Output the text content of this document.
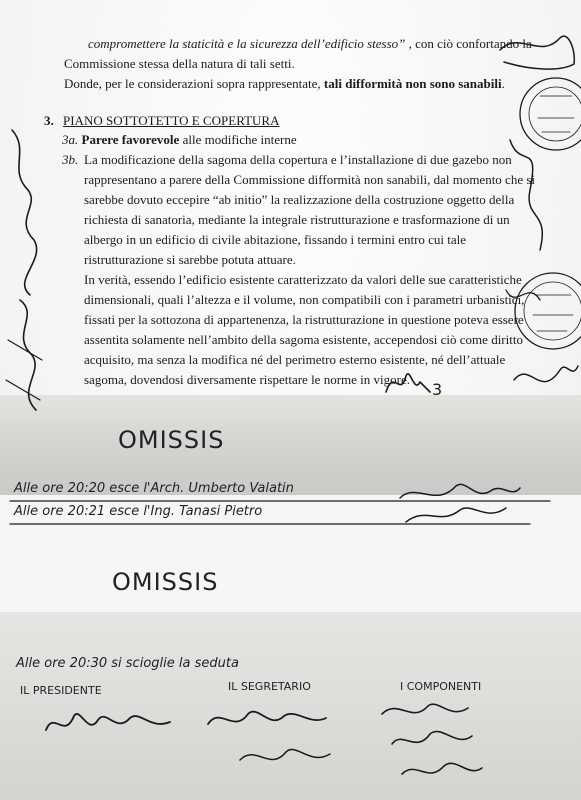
compromettere la staticità e la sicurezza dell’edificio stesso” , con ciò confortando la
Commissione stessa della natura di tali setti.
Donde, per le considerazioni sopra rappresentate, tali difformità non sono sanabili.
3. PIANO SOTTOTETTO E COPERTURA
3a. Parere favorevole alle modifiche interne
3b. La modificazione della sagoma della copertura e l’installazione di due gazebo non
rappresentano a parere della Commissione difformità non sanabili, dal momento che si
sarebbe dovuto eccepire “ab initio” la realizzazione della costruzione oggetto della
richiesta di sanatoria, mediante la integrale ristrutturazione e trasformazione di un
albergo in un edificio di civile abitazione, fissando i termini entro cui tale
ristrutturazione si sarebbe potuta attuare.
In verità, essendo l’edificio esistente caratterizzato da valori delle sue caratteristiche
dimensionali, quali l’altezza e il volume, non compatibili con i parametri urbanistici,
fissati per la sottozona di appartenenza, la ristrutturazione in questione poteva essere
assentita solamente nell’ambito della sagoma esistente, accependosi ciò come diritto
acquisito, ma senza la modifica né del perimetro esterno esistente, né dell’attuale
sagoma, dovendosi diversamente rispettare le norme in vigore.
3
OMISSIS
Alle ore 20:20 esce l'Arch. Umberto Valatin
Alle ore 20:21 esce l'Ing. Tanasi Pietro
OMISSIS
Alle ore 20:30 si scioglie la seduta
IL PRESIDENTE	IL SEGRETARIO	I COMPONENTI
